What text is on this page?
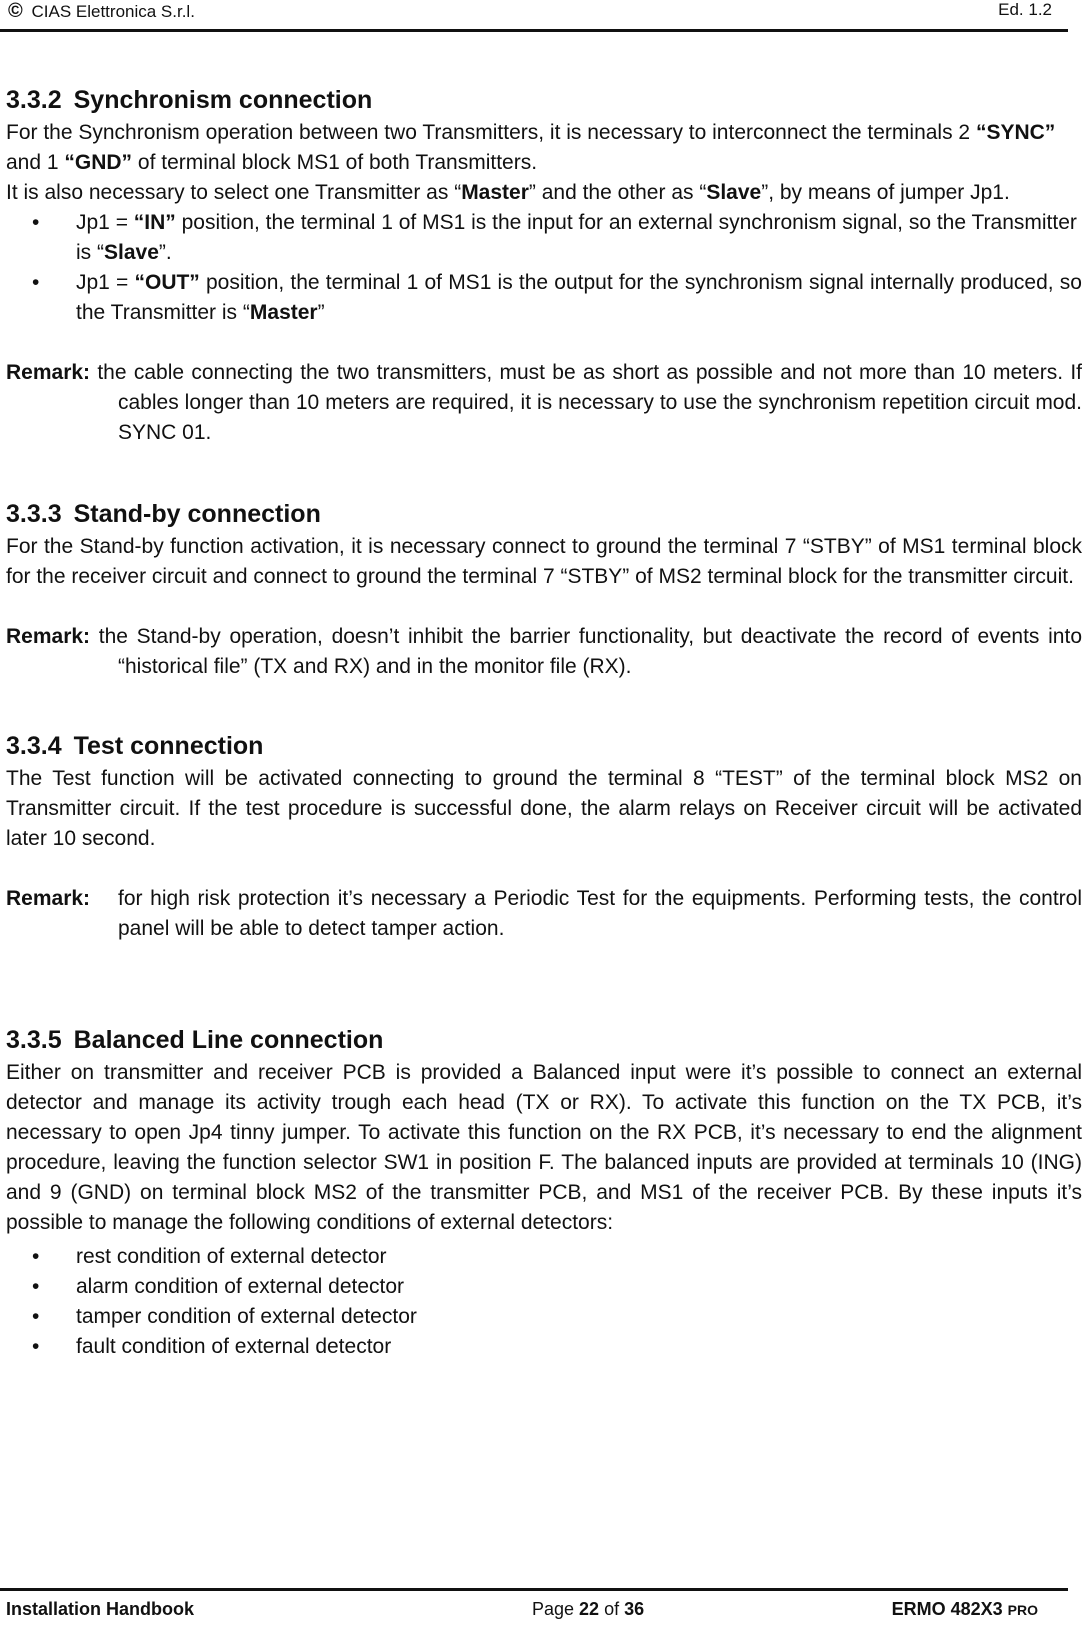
© CIAS Elettronica S.r.l.	Ed. 1.2
3.3.2 Synchronism connection

For the Synchronism operation between two Transmitters, it is necessary to interconnect the terminals 2 “SYNC” and 1 “GND” of terminal block MS1 of both Transmitters.

It is also necessary to select one Transmitter as “Master” and the other as “Slave”, by means of jumper Jp1.

• Jp1 = “IN” position, the terminal 1 of MS1 is the input for an external synchronism signal, so the Transmitter is “Slave”.
• Jp1 = “OUT” position, the terminal 1 of MS1 is the output for the synchronism signal internally produced, so the Transmitter is “Master”
Remark: the cable connecting the two transmitters, must be as short as possible and not more than 10 meters. If cables longer than 10 meters are required, it is necessary to use the synchronism repetition circuit mod. SYNC 01.
3.3.3 Stand-by connection

For the Stand-by function activation, it is necessary connect to ground the terminal 7 “STBY” of MS1 terminal block for the receiver circuit and connect to ground the terminal 7 “STBY” of MS2 terminal block for the transmitter circuit.

Remark: the Stand-by operation, doesn’t inhibit the barrier functionality, but deactivate the record of events into “historical file” (TX and RX) and in the monitor file (RX).
3.3.4 Test connection

The Test function will be activated connecting to ground the terminal 8 “TEST” of the terminal block MS2 on Transmitter circuit. If the test procedure is successful done, the alarm relays on Receiver circuit will be activated later 10 second.

Remark: for high risk protection it’s necessary a Periodic Test for the equipments. Performing tests, the control panel will be able to detect tamper action.
3.3.5 Balanced Line connection

Either on transmitter and receiver PCB is provided a Balanced input were it’s possible to connect an external detector and manage its activity trough each head (TX or RX). To activate this function on the TX PCB, it’s necessary to open Jp4 tinny jumper. To activate this function on the RX PCB, it’s necessary to end the alignment procedure, leaving the function selector SW1 in position F. The balanced inputs are provided at terminals 10 (ING) and 9 (GND) on terminal block MS2 of the transmitter PCB, and MS1 of the receiver PCB. By these inputs it’s possible to manage the following conditions of external detectors:

• rest condition of external detector
• alarm condition of external detector
• tamper condition of external detector
• fault condition of external detector
Installation Handbook	Page 22 of 36	ERMO 482X3 PRO
